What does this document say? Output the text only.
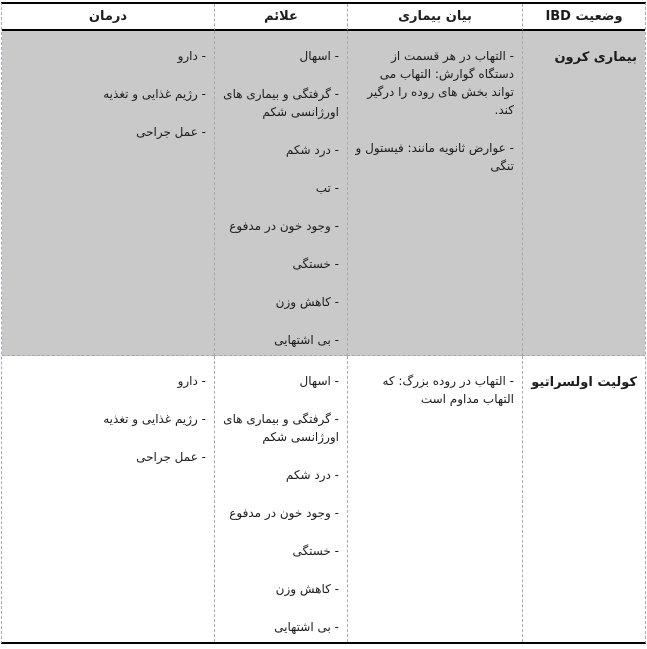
وضعیت IBD
بیان بیماری
علائم
درمان
بیماری کرون
- التهاب در هر قسمت از دستگاه گوارش: التهاب می تواند بخش های روده را درگیر کند.
- عوارض ثانویه مانند: فیستول و تنگی
- اسهال
- گرفتگی و بیماری های اورژانسی شکم
- درد شکم
- تب
- وجود خون در مدفوع
- خستگی
- کاهش وزن
- بی اشتهایی
- دارو
- رژیم غذایی و تغذیه
- عمل جراحی
کولیت اولسراتیو
- التهاب در روده بزرگ: که التهاب مداوم است
- اسهال
- گرفتگی و بیماری های اورژانسی شکم
- درد شکم
- وجود خون در مدفوع
- خستگی
- کاهش وزن
- بی اشتهایی
- دارو
- رژیم غذایی و تغذیه
- عمل جراحی
